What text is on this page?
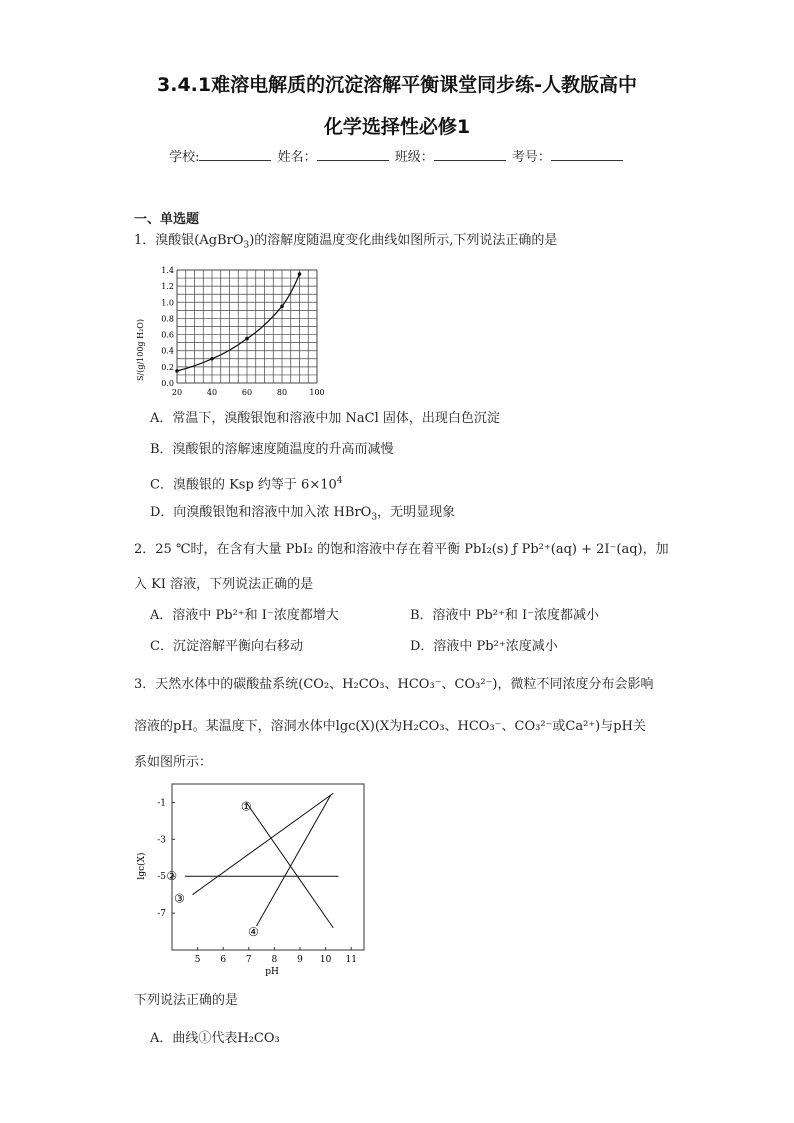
3.4.1难溶电解质的沉淀溶解平衡课堂同步练-人教版高中
化学选择性必修1
学校:	姓名：	班级：	考号：
一、单选题
1．溴酸银(AgBrO$_3$)的溶解度随温度变化曲线如图所示,下列说法正确的是
20	40	60	80	100
0.0
0.2
0.4
0.6
0.8
1.0
1.2
1.4
S/(g/100g H₂O)
A．常温下，溴酸银饱和溶液中加 NaCl 固体，出现白色沉淀
B．溴酸银的溶解速度随温度的升高而减慢
C．溴酸银的 Ksp 约等于 $6\times 10^4$
D．向溴酸银饱和溶液中加入浓 HBrO$_3$，无明显现象
2．25 ℃时，在含有大量 PbI₂ 的饱和溶液中存在着平衡 PbI₂(s) ƒ Pb²⁺(aq) + 2I⁻(aq)，加
入 KI 溶液，下列说法正确的是
A．溶液中 Pb²⁺和 I⁻浓度都增大	B．溶液中 Pb²⁺和 I⁻浓度都减小
C．沉淀溶解平衡向右移动	D．溶液中 Pb²⁺浓度减小
3．天然水体中的碳酸盐系统(CO₂、H₂CO₃、HCO₃⁻、CO₃²⁻)，微粒不同浓度分布会影响
溶液的pH。某温度下，溶洞水体中lgc(X)(X为H₂CO₃、HCO₃⁻、CO₃²⁻或Ca²⁺)与pH关
系如图所示：
5 6 7 8 9 10 11
-1
-3
-5
-7
①
②
③
④
lgc(X)
pH
下列说法正确的是
A．曲线①代表H₂CO₃
